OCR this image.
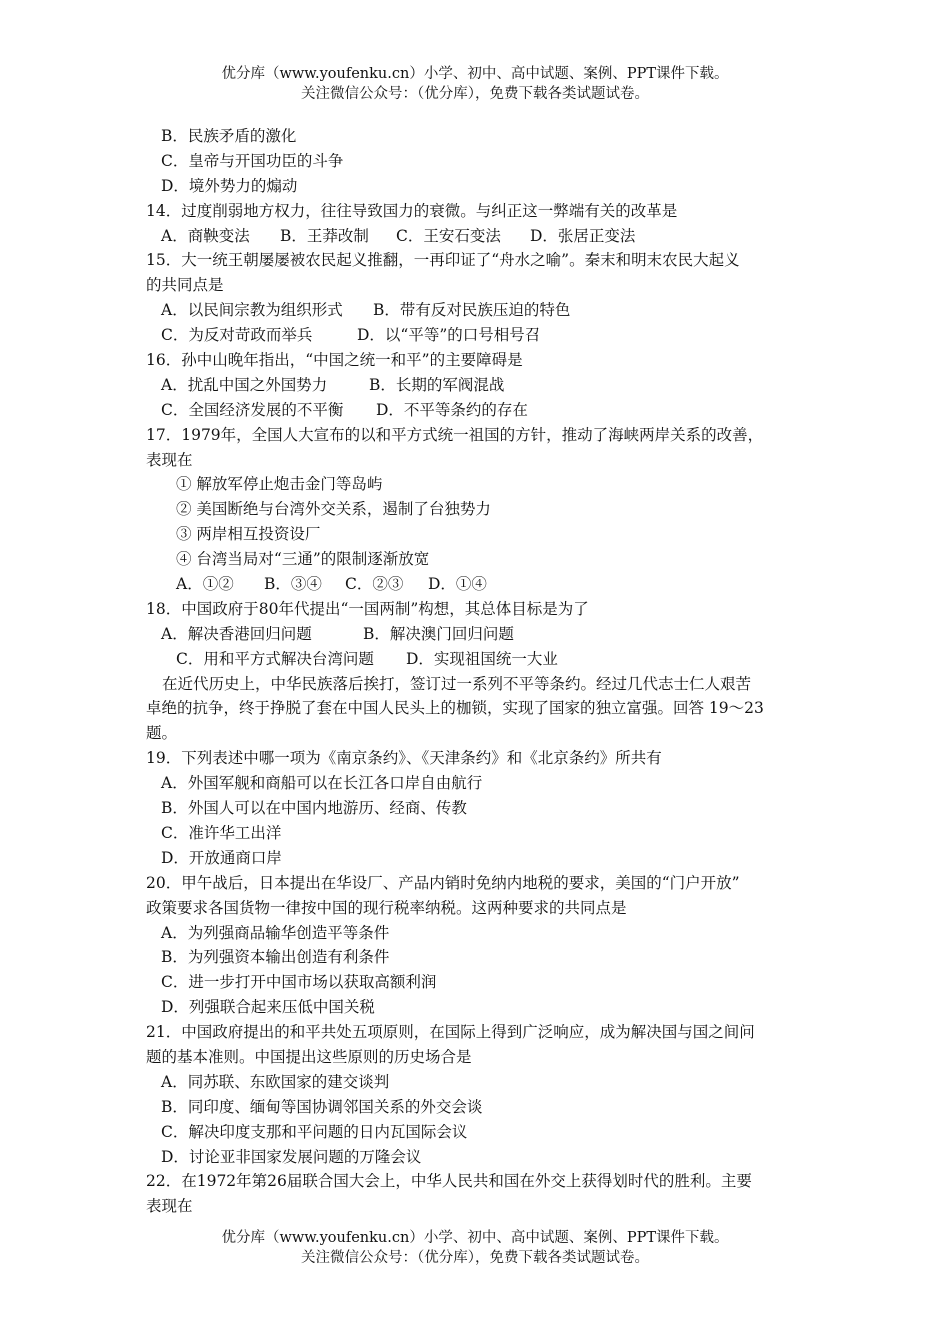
优分库（www.youfenku.cn）小学、初中、高中试题、案例、PPT课件下载。
关注微信公众号：（优分库），免费下载各类试题试卷。
B．民族矛盾的激化
C．皇帝与开国功臣的斗争
D．境外势力的煽动
14．过度削弱地方权力，往往导致国力的衰微。与纠正这一弊端有关的改革是
A．商鞅变法 B．王莽改制 C．王安石变法 D．张居正变法
15．大一统王朝屡屡被农民起义推翻，一再印证了“舟水之喻”。秦末和明末农民大起义
的共同点是
A．以民间宗教为组织形式 B．带有反对民族压迫的特色
C．为反对苛政而举兵	D．以“平等”的口号相号召
16．孙中山晚年指出，“中国之统一和平”的主要障碍是
A．扰乱中国之外国势力	B．长期的军阀混战
C．全国经济发展的不平衡 D．不平等条约的存在
17．1979年，全国人大宣布的以和平方式统一祖国的方针，推动了海峡两岸关系的改善，
表现在
① 解放军停止炮击金门等岛屿
② 美国断绝与台湾外交关系，遏制了台独势力
③ 两岸相互投资设厂
④ 台湾当局对“三通”的限制逐渐放宽
A．①② B．③④ C．②③ D．①④
18．中国政府于80年代提出“一国两制”构想，其总体目标是为了
A．解决香港回归问题	B．解决澳门回归问题
C．用和平方式解决台湾问题 D．实现祖国统一大业
在近代历史上，中华民族落后挨打，签订过一系列不平等条约。经过几代志士仁人艰苦
卓绝的抗争，终于挣脱了套在中国人民头上的枷锁，实现了国家的独立富强。回答 19～23
题。
19．下列表述中哪一项为《南京条约》、《天津条约》和《北京条约》所共有
A．外国军舰和商船可以在长江各口岸自由航行
B．外国人可以在中国内地游历、经商、传教
C．准许华工出洋
D．开放通商口岸
20．甲午战后，日本提出在华设厂、产品内销时免纳内地税的要求，美国的“门户开放”
政策要求各国货物一律按中国的现行税率纳税。这两种要求的共同点是
A．为列强商品输华创造平等条件
B．为列强资本输出创造有利条件
C．进一步打开中国市场以获取高额利润
D．列强联合起来压低中国关税
21．中国政府提出的和平共处五项原则，在国际上得到广泛响应，成为解决国与国之间问
题的基本准则。中国提出这些原则的历史场合是
A．同苏联、东欧国家的建交谈判
B．同印度、缅甸等国协调邻国关系的外交会谈
C．解决印度支那和平问题的日内瓦国际会议
D．讨论亚非国家发展问题的万隆会议
22．在1972年第26届联合国大会上，中华人民共和国在外交上获得划时代的胜利。主要
表现在
优分库（www.youfenku.cn）小学、初中、高中试题、案例、PPT课件下载。
关注微信公众号：（优分库），免费下载各类试题试卷。
